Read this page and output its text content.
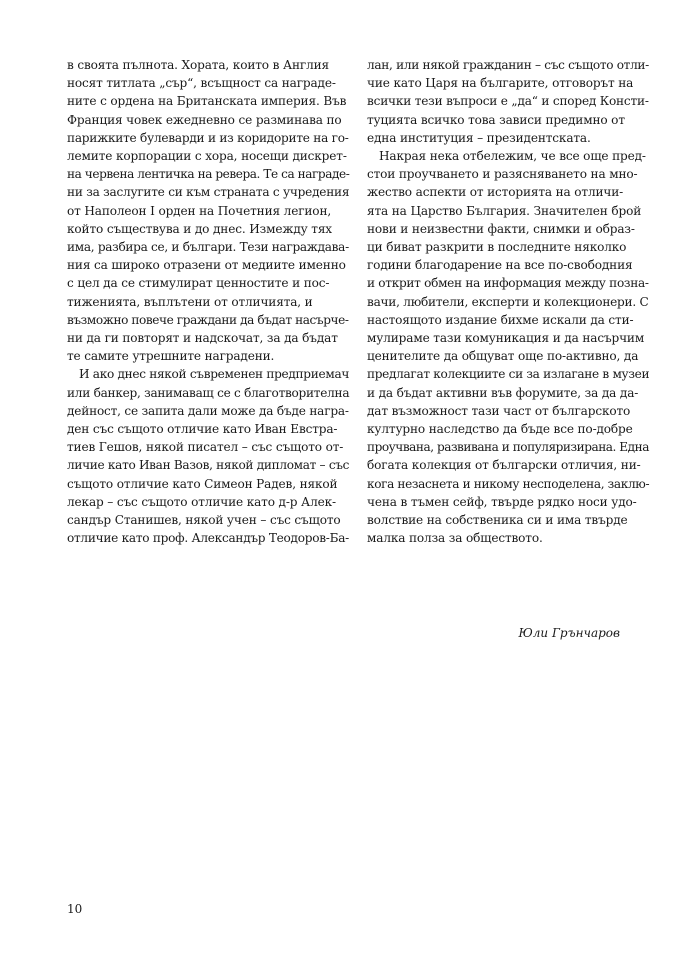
в своята пълнота. Хората, които в Англия
носят титлата „сър“, всъщност са награде-
ните с ордена на Британската империя. Във
Франция човек ежедневно се разминава по
парижките булеварди и из коридорите на го-
лемите корпорации с хора, носещи дискрет-
на червена лентичка на ревера. Те са награде-
ни за заслугите си към страната с учредения
от Наполеон I орден на Почетния легион,
който съществува и до днес. Измежду тях
има, разбира се, и българи. Тези награждава-
ния са широко отразени от медиите именно
с цел да се стимулират ценностите и пос-
тиженията, въплътени от отличията, и
възможно повече граждани да бъдат насърче-
ни да ги повторят и надскочат, за да бъдат
те самите утрешните наградени.

И ако днес някой съвременен предприемач
или банкер, занимаващ се с благотворителна
дейност, се запита дали може да бъде награ-
ден със същото отличие като Иван Евстра-
тиев Гешов, някой писател – със същото от-
личие като Иван Вазов, някой дипломат – със
същото отличие като Симеон Радев, някой
лекар – със същото отличие като д-р Алек-
сандър Станишев, някой учен – със същото
отличие като проф. Александър Теодоров-Ба-

лан, или някой гражданин – със същото отли-
чие като Царя на българите, отговорът на
всички тези въпроси е „да“ и според Консти-
туцията всичко това зависи предимно от
една институция – президентската.

Накрая нека отбележим, че все още пред-
стои проучването и разясняването на мно-
жество аспекти от историята на отличи-
ята на Царство България. Значителен брой
нови и неизвестни факти, снимки и образ-
ци биват разкрити в последните няколко
години благодарение на все по-свободния
и открит обмен на информация между позна-
вачи, любители, експерти и колекционери. С
настоящото издание бихме искали да сти-
мулираме тази комуникация и да насърчим
ценителите да общуват още по-активно, да
предлагат колекциите си за излагане в музеи
и да бъдат активни във форумите, за да да-
дат възможност тази част от българското
културно наследство да бъде все по-добре
проучвана, развивана и популяризирана. Една
богата колекция от български отличия, ни-
кога незаснета и никому несподелена, заклю-
чена в тъмен сейф, твърде рядко носи удо-
волствие на собственика си и има твърде
малка полза за обществото.

Юли Грънчаров
10
